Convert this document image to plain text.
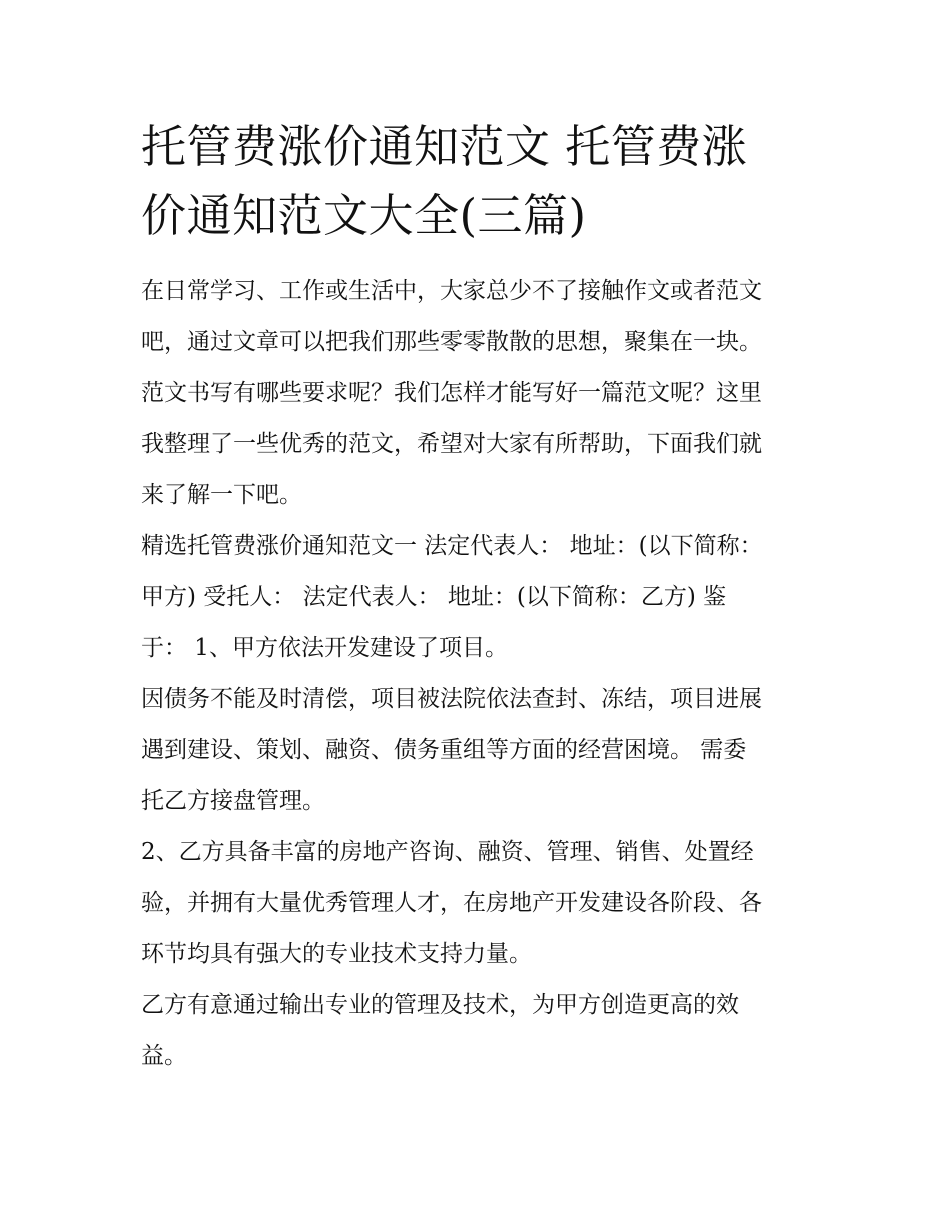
托管费涨价通知范文 托管费涨
价通知范文大全(三篇)
在日常学习、工作或生活中，大家总少不了接触作文或者范文
吧，通过文章可以把我们那些零零散散的思想，聚集在一块。
范文书写有哪些要求呢？我们怎样才能写好一篇范文呢？这里
我整理了一些优秀的范文，希望对大家有所帮助，下面我们就
来了解一下吧。
精选托管费涨价通知范文一 法定代表人： 地址：(以下简称：
甲方) 受托人： 法定代表人： 地址：(以下简称：乙方) 鉴
于： 1、甲方依法开发建设了项目。
因债务不能及时清偿，项目被法院依法查封、冻结，项目进展
遇到建设、策划、融资、债务重组等方面的经营困境。 需委
托乙方接盘管理。
2、乙方具备丰富的房地产咨询、融资、管理、销售、处置经
验，并拥有大量优秀管理人才，在房地产开发建设各阶段、各
环节均具有强大的专业技术支持力量。
乙方有意通过输出专业的管理及技术，为甲方创造更高的效
益。
